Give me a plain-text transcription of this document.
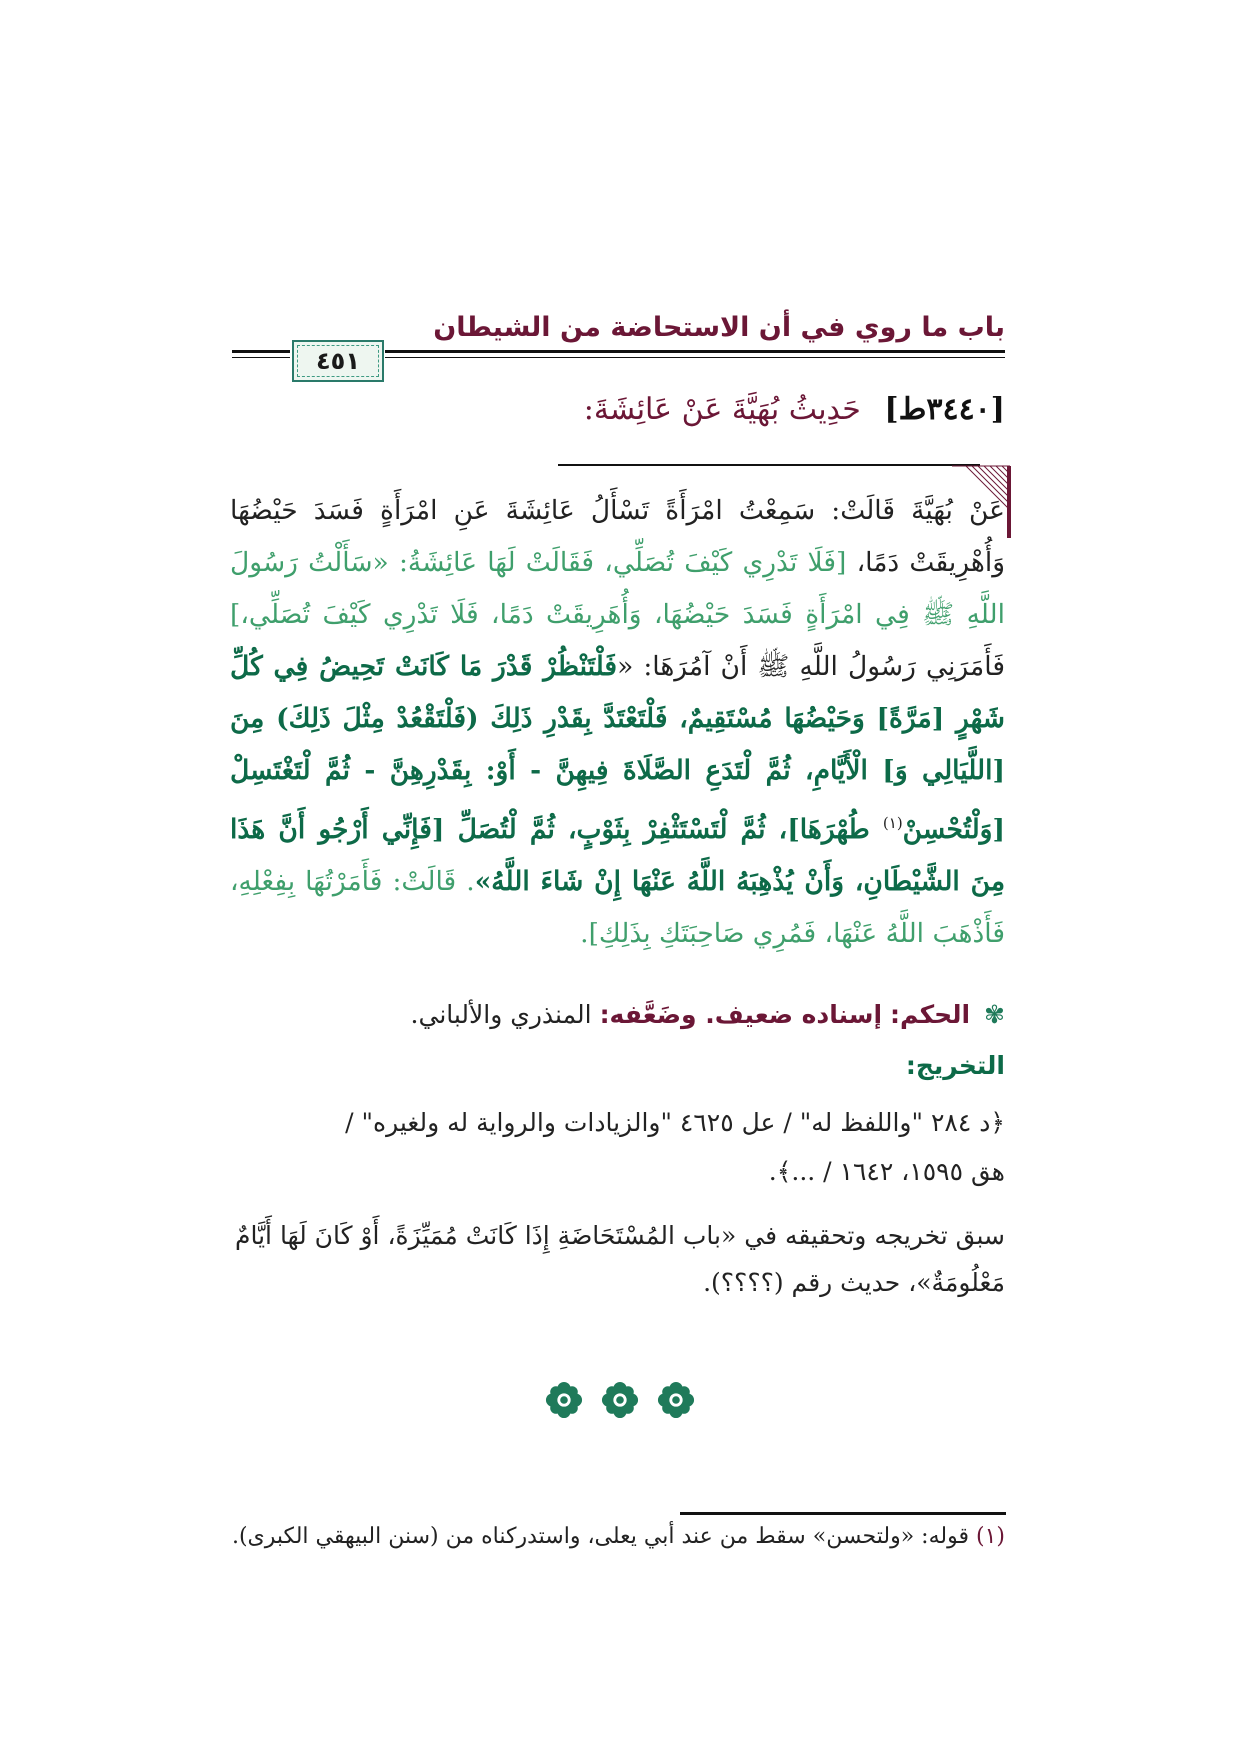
باب ما روي في أن الاستحاضة من الشيطان
٤٥١
[٣٤٤٠ط] حَدِيثُ بُهَيَّةَ عَنْ عَائِشَةَ:
عَنْ بُهَيَّةَ قَالَتْ: سَمِعْتُ امْرَأَةً تَسْأَلُ عَائِشَةَ عَنِ امْرَأَةٍ فَسَدَ حَيْضُهَا وَأُهْرِيقَتْ دَمًا، [فَلَا تَدْرِي كَيْفَ تُصَلِّي، فَقَالَتْ لَهَا عَائِشَةُ: «سَأَلْتُ رَسُولَ اللَّهِ ﷺ فِي امْرَأَةٍ فَسَدَ حَيْضُهَا، وَأُهَرِيقَتْ دَمًا، فَلَا تَدْرِي كَيْفَ تُصَلِّي،] فَأَمَرَنِي رَسُولُ اللَّهِ ﷺ أَنْ آمُرَهَا: «فَلْتَنْظُرْ قَدْرَ مَا كَانَتْ تَحِيضُ فِي كُلِّ شَهْرٍ [مَرَّةً] وَحَيْضُهَا مُسْتَقِيمٌ، فَلْتَعْتَدَّ بِقَدْرِ ذَلِكَ (فَلْتَقْعُدْ مِثْلَ ذَلِكَ) مِنَ [اللَّيَالِي وَ] الْأَيَّامِ، ثُمَّ لْتَدَعِ الصَّلَاةَ فِيهِنَّ - أَوْ: بِقَدْرِهِنَّ - ثُمَّ لْتَغْتَسِلْ [وَلْتُحْسِنْ$^{(١)}$ طُهْرَهَا]، ثُمَّ لْتَسْتَثْفِرْ بِثَوْبٍ، ثُمَّ لْتُصَلِّ [فَإِنِّي أَرْجُو أَنَّ هَذَا مِنَ الشَّيْطَانِ، وَأَنْ يُذْهِبَهُ اللَّهُ عَنْهَا إِنْ شَاءَ اللَّهُ». قَالَتْ: فَأَمَرْتُهَا بِفِعْلِهِ، فَأَذْهَبَ اللَّهُ عَنْهَا، فَمُرِي صَاحِبَتَكِ بِذَلِكِ].
✾ الحكم: إسناده ضعيف. وضَعَّفه: المنذري والألباني.
التخريج:
﴿د ٢٨٤ "واللفظ له" / عل ٤٦٢٥ "والزيادات والرواية له ولغيره" /
هق ١٥٩٥، ١٦٤٢ / ...﴾.
سبق تخريجه وتحقيقه في «باب المُسْتَحَاضَةِ إِذَا كَانَتْ مُمَيِّزَةً، أَوْ كَانَ لَهَا أَيَّامٌ مَعْلُومَةٌ»، حديث رقم (؟؟؟؟).
(١) قوله: «ولتحسن» سقط من عند أبي يعلى، واستدركناه من (سنن البيهقي الكبرى).
